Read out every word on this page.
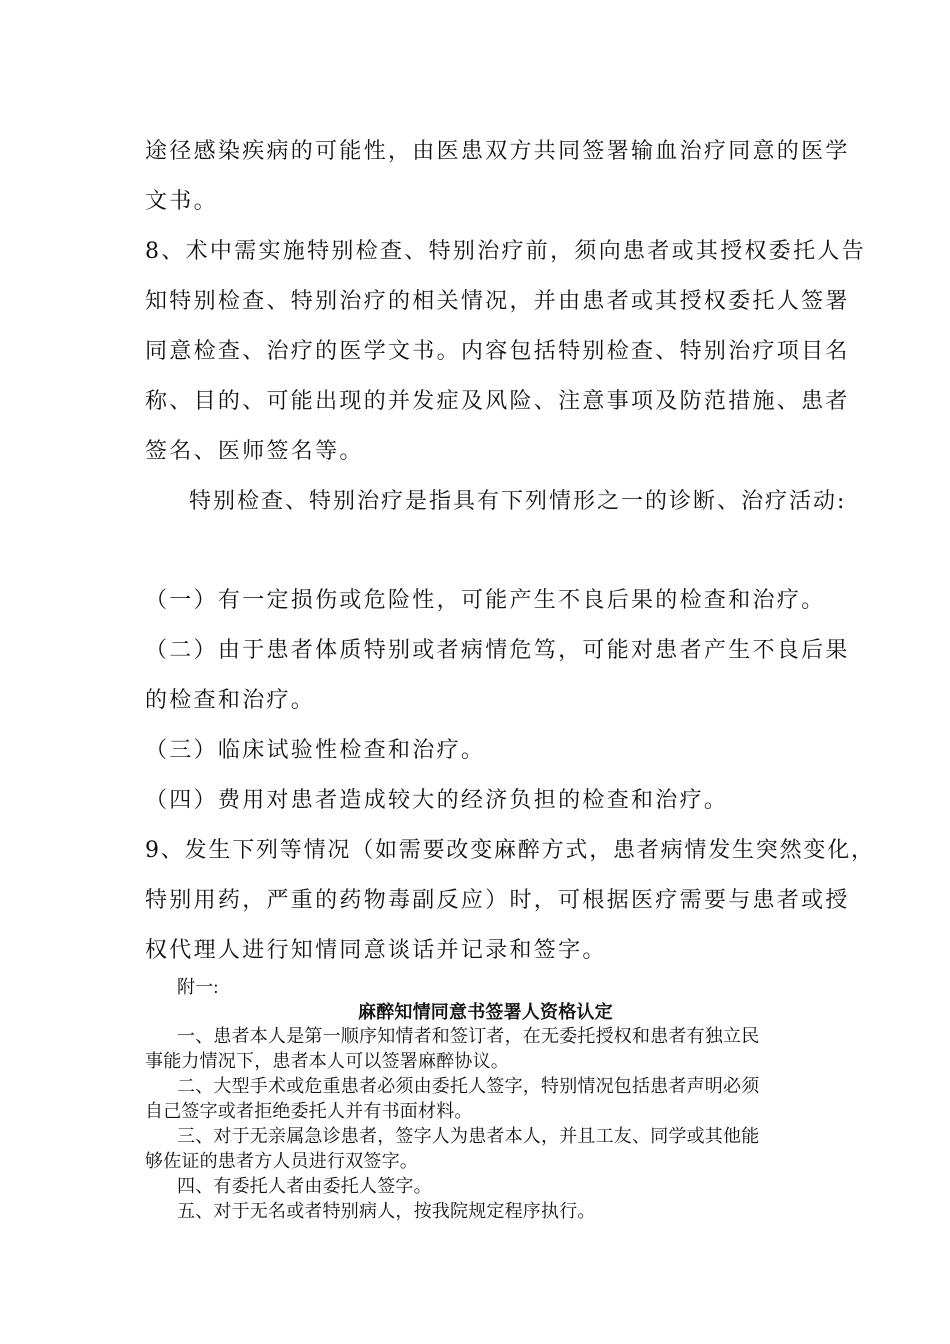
途径感染疾病的可能性，由医患双方共同签署输血治疗同意的医学
文书。
8、术中需实施特别检查、特别治疗前，须向患者或其授权委托人告
知特别检查、特别治疗的相关情况，并由患者或其授权委托人签署
同意检查、治疗的医学文书。内容包括特别检查、特别治疗项目名
称、目的、可能出现的并发症及风险、注意事项及防范措施、患者
签名、医师签名等。
特别检查、特别治疗是指具有下列情形之一的诊断、治疗活动:
（一）有一定损伤或危险性，可能产生不良后果的检查和治疗。
（二）由于患者体质特别或者病情危笃，可能对患者产生不良后果
的检查和治疗。
（三）临床试验性检查和治疗。
（四）费用对患者造成较大的经济负担的检查和治疗。
9、发生下列等情况（如需要改变麻醉方式，患者病情发生突然变化，
特别用药，严重的药物毒副反应）时，可根据医疗需要与患者或授
权代理人进行知情同意谈话并记录和签字。
附一:
麻醉知情同意书签署人资格认定
一、患者本人是第一顺序知情者和签订者，在无委托授权和患者有独立民
事能力情况下，患者本人可以签署麻醉协议。
二、大型手术或危重患者必须由委托人签字，特别情况包括患者声明必须
自己签字或者拒绝委托人并有书面材料。
三、对于无亲属急诊患者，签字人为患者本人，并且工友、同学或其他能
够佐证的患者方人员进行双签字。
四、有委托人者由委托人签字。
五、对于无名或者特别病人，按我院规定程序执行。
